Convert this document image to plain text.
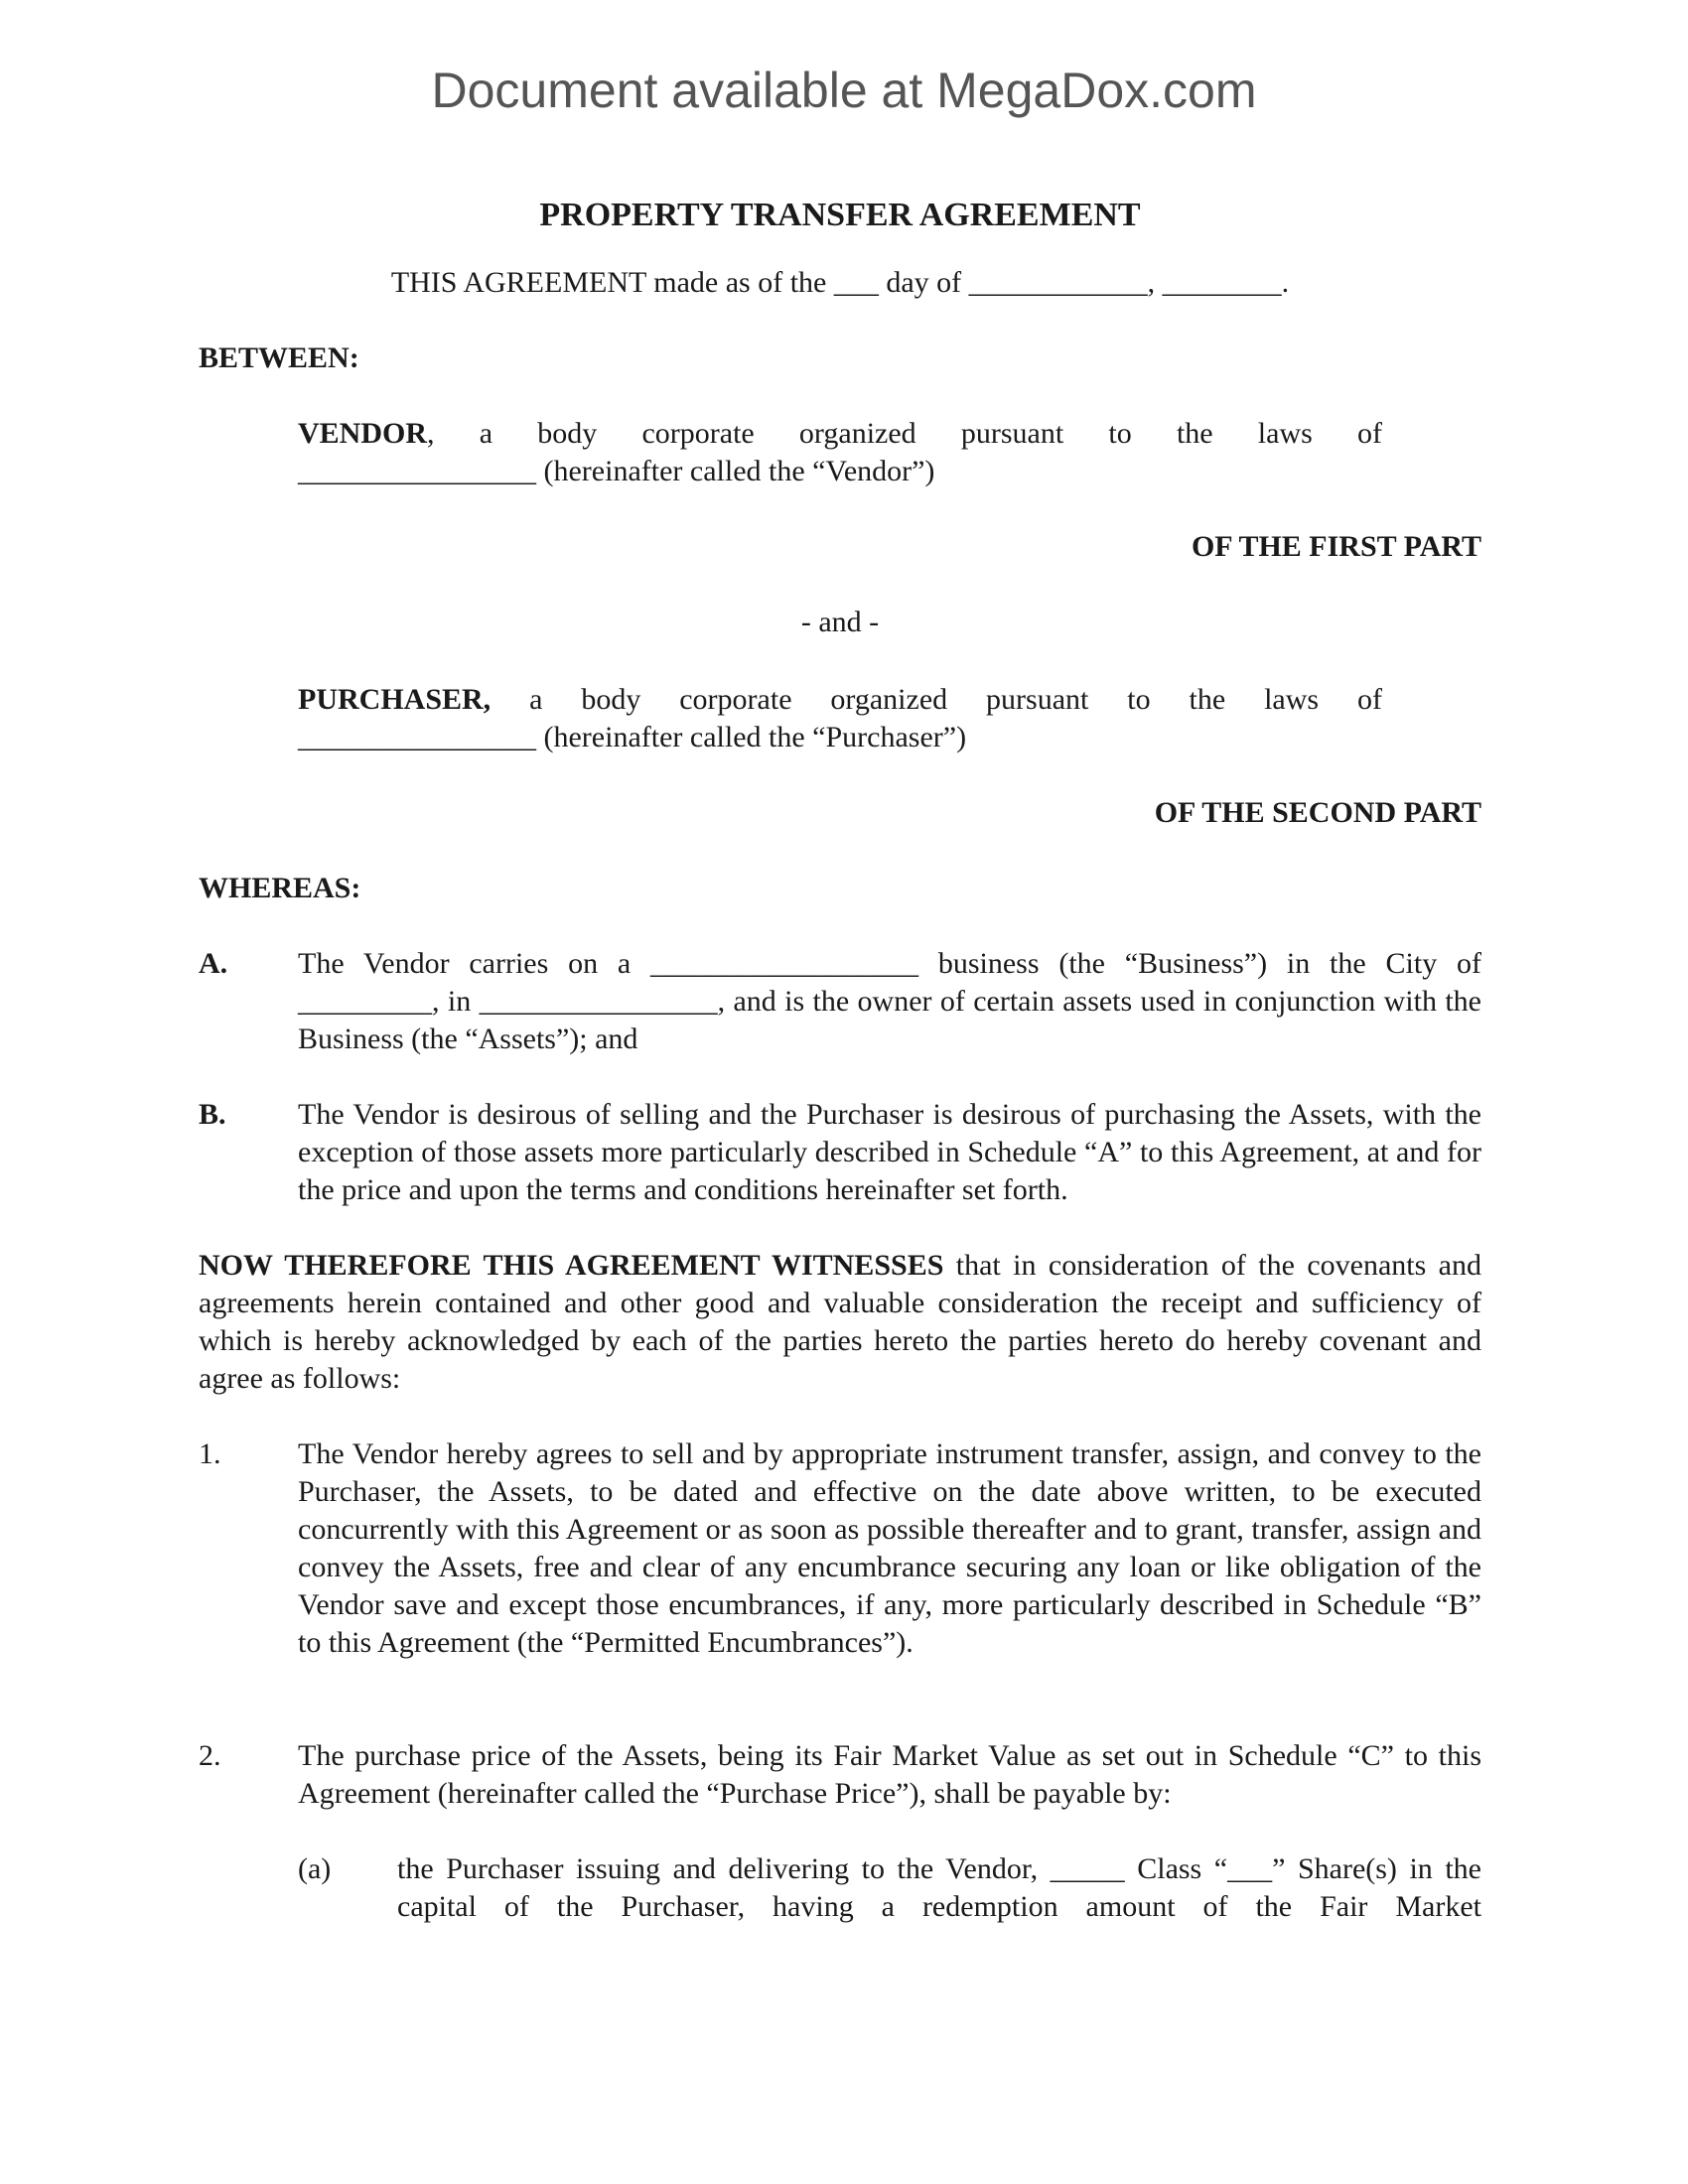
Document available at MegaDox.com
PROPERTY TRANSFER AGREEMENT
THIS AGREEMENT made as of the ___ day of ____________, ________.
BETWEEN:
VENDOR, a body corporate organized pursuant to the laws of
________________ (hereinafter called the “Vendor”)
OF THE FIRST PART
- and -
PURCHASER, a body corporate organized pursuant to the laws of
________________ (hereinafter called the “Purchaser”)
OF THE SECOND PART
WHEREAS:
A. The Vendor carries on a __________________ business (the “Business”) in the City of _________, in ________________, and is the owner of certain assets used in conjunction with the Business (the “Assets”); and
B. The Vendor is desirous of selling and the Purchaser is desirous of purchasing the Assets, with the exception of those assets more particularly described in Schedule “A” to this Agreement, at and for the price and upon the terms and conditions hereinafter set forth.
NOW THEREFORE THIS AGREEMENT WITNESSES that in consideration of the covenants and agreements herein contained and other good and valuable consideration the receipt and sufficiency of which is hereby acknowledged by each of the parties hereto the parties hereto do hereby covenant and agree as follows:
1.	The Vendor hereby agrees to sell and by appropriate instrument transfer, assign, and convey to the Purchaser, the Assets, to be dated and effective on the date above written, to be executed concurrently with this Agreement or as soon as possible thereafter and to grant, transfer, assign and convey the Assets, free and clear of any encumbrance securing any loan or like obligation of the Vendor save and except those encumbrances, if any, more particularly described in Schedule “B” to this Agreement (the “Permitted Encumbrances”).
2.	The purchase price of the Assets, being its Fair Market Value as set out in Schedule “C” to this Agreement (hereinafter called the “Purchase Price”), shall be payable by:
(a) the Purchaser issuing and delivering to the Vendor, _____ Class “___” Share(s) in the capital of the Purchaser, having a redemption amount of the Fair Market
